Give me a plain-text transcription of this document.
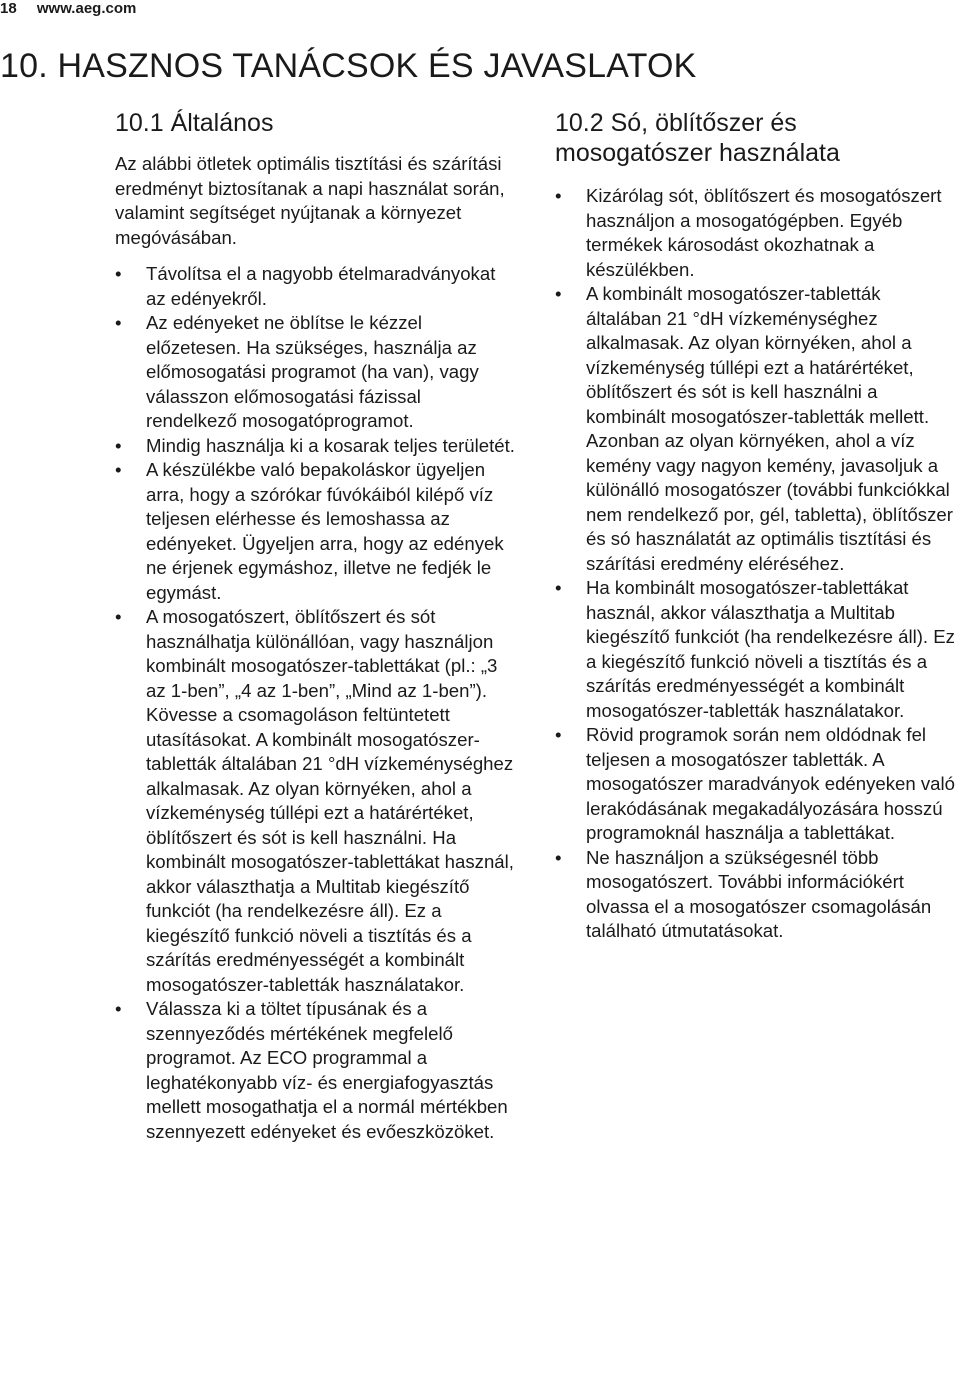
18 www.aeg.com
10. HASZNOS TANÁCSOK ÉS JAVASLATOK
10.1 Általános

Az alábbi ötletek optimális tisztítási és szárítási eredményt biztosítanak a napi használat során, valamint segítséget nyújtanak a környezet megóvásában.

• Távolítsa el a nagyobb ételmaradványokat az edényekről.
• Az edényeket ne öblítse le kézzel előzetesen. Ha szükséges, használja az előmosogatási programot (ha van), vagy válasszon előmosogatási fázissal rendelkező mosogatóprogramot.
• Mindig használja ki a kosarak teljes területét.
• A készülékbe való bepakoláskor ügyeljen arra, hogy a szórókar fúvókáiból kilépő víz teljesen elérhesse és lemoshassa az edényeket. Ügyeljen arra, hogy az edények ne érjenek egymáshoz, illetve ne fedjék le egymást.
• A mosogatószert, öblítőszert és sót használhatja különállóan, vagy használjon kombinált mosogatószer-tablettákat (pl.: „3 az 1-ben”, „4 az 1-ben”, „Mind az 1-ben”). Kövesse a csomagoláson feltüntetett utasításokat. A kombinált mosogatószer-tabletták általában 21 °dH vízkeménységhez alkalmasak. Az olyan környéken, ahol a vízkeménység túllépi ezt a határértéket, öblítőszert és sót is kell használni. Ha kombinált mosogatószer-tablettákat használ, akkor választhatja a Multitab kiegészítő funkciót (ha rendelkezésre áll). Ez a kiegészítő funkció növeli a tisztítás és a szárítás eredményességét a kombinált mosogatószer-tabletták használatakor.
• Válassza ki a töltet típusának és a szennyeződés mértékének megfelelő programot. Az ECO programmal a leghatékonyabb víz- és energiafogyasztás mellett mosogathatja el a normál mértékben szennyezett edényeket és evőeszközöket.
10.2 Só, öblítőszer és mosogatószer használata
• Kizárólag sót, öblítőszert és mosogatószert használjon a mosogatógépben. Egyéb termékek károsodást okozhatnak a készülékben.
• A kombinált mosogatószer-tabletták általában 21 °dH vízkeménységhez alkalmasak. Az olyan környéken, ahol a vízkeménység túllépi ezt a határértéket, öblítőszert és sót is kell használni a kombinált mosogatószer-tabletták mellett. Azonban az olyan környéken, ahol a víz kemény vagy nagyon kemény, javasoljuk a különálló mosogatószer (további funkciókkal nem rendelkező por, gél, tabletta), öblítőszer és só használatát az optimális tisztítási és szárítási eredmény eléréséhez.
• Ha kombinált mosogatószer-tablettákat használ, akkor választhatja a Multitab kiegészítő funkciót (ha rendelkezésre áll). Ez a kiegészítő funkció növeli a tisztítás és a szárítás eredményességét a kombinált mosogatószer-tabletták használatakor.
• Rövid programok során nem oldódnak fel teljesen a mosogatószer tabletták. A mosogatószer maradványok edényeken való lerakódásának megakadályozására hosszú programoknál használja a tablettákat.
• Ne használjon a szükségesnél több mosogatószert. További információkért olvassa el a mosogatószer csomagolásán található útmutatásokat.
